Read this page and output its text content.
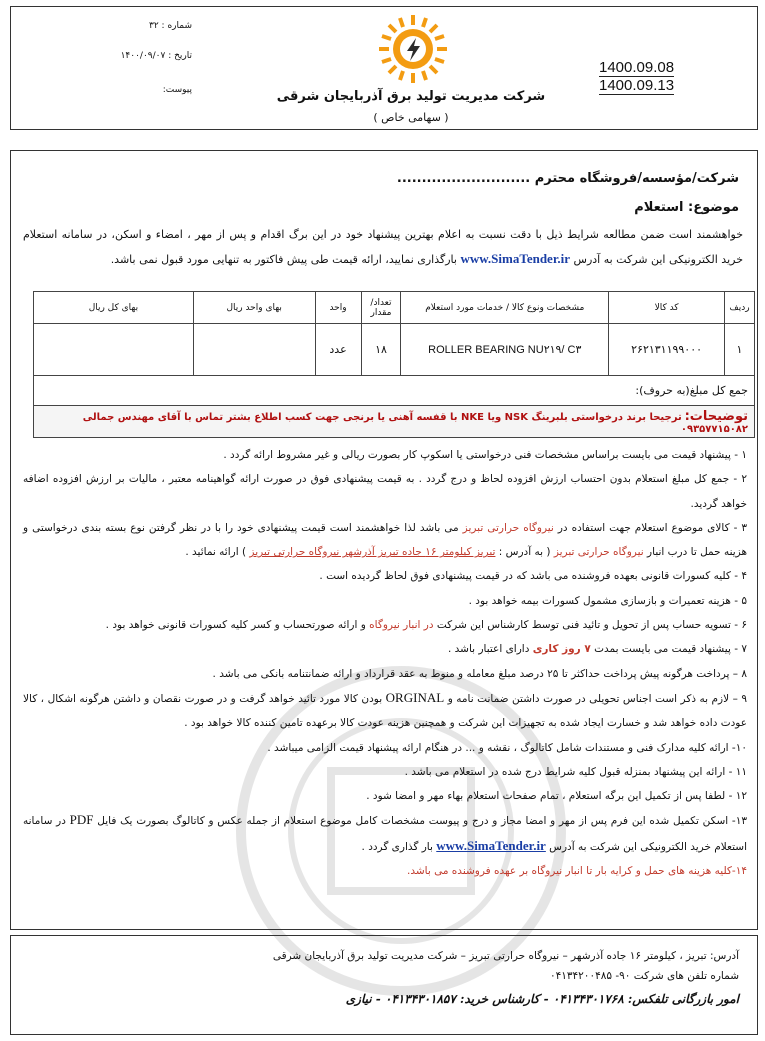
شرکت مدیریت تولید برق آذربایجان شرقی
( سهامی خاص )
شماره : ۳۲
تاریخ : ۱۴۰۰/۰۹/۰۷
پیوست:
1400.09.08
1400.09.13
شرکت/مؤسسه/فروشگاه محترم ...........................
موضوع: استعلام

خواهشمند است ضمن مطالعه شرایط ذیل با دقت نسبت به اعلام بهترین پیشنهاد خود در این برگ اقدام و پس از مهر ، امضاء و اسکن، در سامانه استعلام خرید الکترونیکی این شرکت به آدرس www.SimaTender.ir بارگذاری نمایید، ارائه قیمت طی پیش فاکتور به تنهایی مورد قبول نمی باشد.

ردیف	کد کالا	مشخصات ونوع کالا / خدمات مورد استعلام	تعداد/ مقدار	واحد	بهای واحد ریال	بهای کل ریال
۱	۲۶۲۱۳۱۱۹۹۰۰۰	ROLLER BEARING NU۲۱۹/ C۳	۱۸	عدد		
جمع کل مبلغ(به حروف):						
توضیحات: ترجیحا برند درخواستی بلبرینگ NSK ویا NKE با قفسه آهنی یا برنجی جهت کسب اطلاع بشتر تماس با آقای مهندس جمالی ۰۹۳۵۷۷۱۵۰۸۲						

۱ - پیشنهاد قیمت می بایست براساس مشخصات فنی درخواستی یا اسکوپ کار بصورت ریالی و غیر مشروط ارائه گردد .

۲ - جمع کل مبلغ استعلام بدون احتساب ارزش افزوده لحاظ و درج گردد . به قیمت پیشنهادی فوق در صورت ارائه گواهینامه معتبر ، مالیات بر ارزش افزوده اضافه خواهد گردید.

۳ - کالای موضوع استعلام جهت استفاده در نیروگاه حرارتی تبریز می باشد لذا خواهشمند است قیمت پیشنهادی خود را با در نظر گرفتن نوع بسته بندی درخواستی و هزینه حمل تا درب انبار نیروگاه حرارتی تبریز ( به آدرس : تبریز کیلومتر ۱۶ جاده تبریز آذرشهر نیروگاه حرارتی تبریز ) ارائه نمائید .

۴ - کلیه کسورات قانونی بعهده فروشنده می باشد که در قیمت پیشنهادی فوق لحاظ گردیده است .

۵ - هزینه تعمیرات و بازسازی مشمول کسورات بیمه خواهد بود .

۶ - تسویه حساب پس از تحویل و تائید فنی توسط کارشناس این شرکت در انبار نیروگاه و ارائه صورتحساب و کسر کلیه کسورات قانونی خواهد بود .

۷ - پیشنهاد قیمت می بایست بمدت ۷ روز کاری دارای اعتبار باشد .

۸ – پرداخت هرگونه پیش پرداخت حداکثر تا ۲۵ درصد مبلغ معامله و منوط به عقد قرارداد و ارائه ضمانتنامه بانکی می باشد .

۹ – لازم به ذکر است اجناس تحویلی در صورت داشتن ضمانت نامه و ORGINAL بودن کالا مورد تائید خواهد گرفت و در صورت نقصان و داشتن هرگونه اشکال ، کالا عودت داده خواهد شد و خسارت ایجاد شده به تجهیزات این شرکت و همچنین هزینه عودت کالا برعهده تامین کننده کالا خواهد بود .

۱۰- ارائه کلیه مدارک فنی و مستندات شامل کاتالوگ ، نقشه و ... در هنگام ارائه پیشنهاد قیمت الزامی میباشد .

۱۱ - ارائه این پیشنهاد بمنزله قبول کلیه شرایط درج شده در استعلام می باشد .

۱۲ - لطفا پس از تکمیل این برگه استعلام ، تمام صفحات استعلام بهاء مهر و امضا شود .

۱۳- اسکن تکمیل شده این فرم پس از مهر و امضا مجاز و درج و پیوست مشخصات کامل موضوع استعلام از جمله عکس و کاتالوگ بصورت یک فایل PDF در سامانه استعلام خرید الکترونیکی این شرکت به آدرس www.SimaTender.ir بار گذاری گردد .

۱۴-کلیه هزینه های حمل و کرایه بار تا انبار نیروگاه بر عهده فروشنده می باشد.

آدرس: تبریز ، کیلومتر ۱۶ جاده آذرشهر – نیروگاه حرارتی تبریز – شرکت مدیریت تولید برق آذربایجان شرقی
شماره تلفن های شرکت ۹۰- ۰۴۱۳۴۲۰۰۴۸۵
امور بازرگانی تلفکس: ۰۴۱۳۴۳۰۱۷۶۸ - کارشناس خرید: ۰۴۱۳۴۳۰۱۸۵۷ - نیازی
